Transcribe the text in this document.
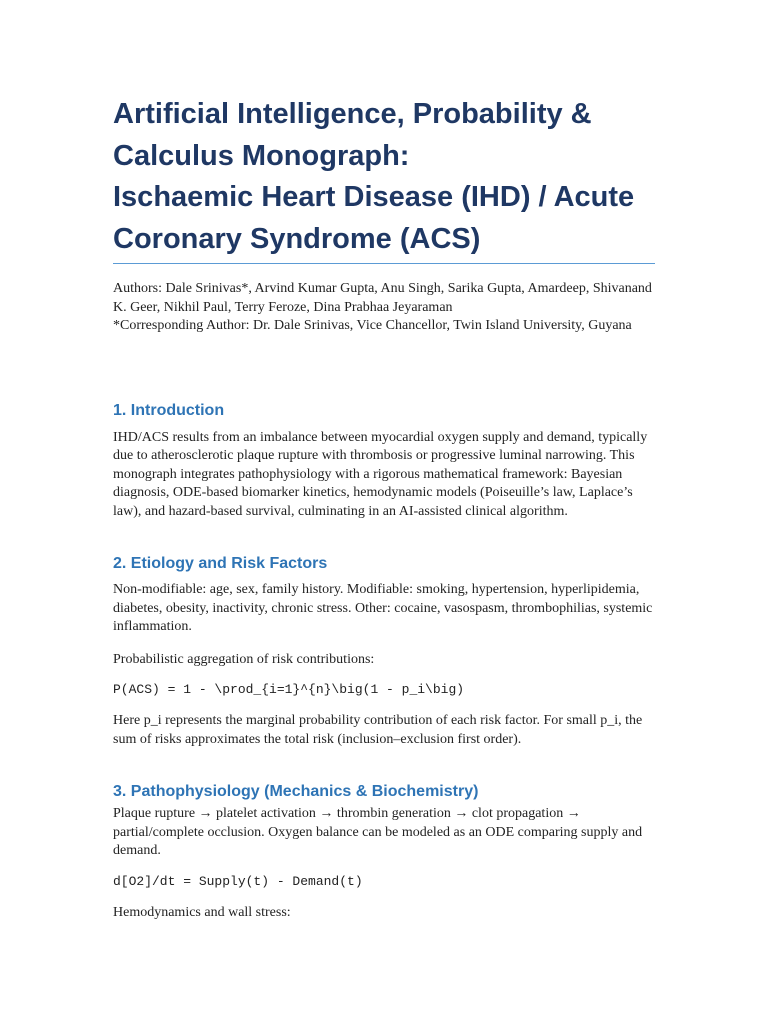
Artificial Intelligence, Probability &
Calculus Monograph:
Ischaemic Heart Disease (IHD) / Acute
Coronary Syndrome (ACS)

Authors: Dale Srinivas*, Arvind Kumar Gupta, Anu Singh, Sarika Gupta, Amardeep, Shivanand K. Geer, Nikhil Paul, Terry Feroze, Dina Prabhaa Jeyaraman

*Corresponding Author: Dr. Dale Srinivas, Vice Chancellor, Twin Island University, Guyana

1. Introduction

IHD/ACS results from an imbalance between myocardial oxygen supply and demand, typically due to atherosclerotic plaque rupture with thrombosis or progressive luminal narrowing. This monograph integrates pathophysiology with a rigorous mathematical framework: Bayesian diagnosis, ODE-based biomarker kinetics, hemodynamic models (Poiseuille’s law, Laplace’s law), and hazard-based survival, culminating in an AI-assisted clinical algorithm.

2. Etiology and Risk Factors

Non-modifiable: age, sex, family history. Modifiable: smoking, hypertension, hyperlipidemia, diabetes, obesity, inactivity, chronic stress. Other: cocaine, vasospasm, thrombophilias, systemic inflammation.

Probabilistic aggregation of risk contributions:

P(ACS) = 1 - \prod_{i=1}^{n}\big(1 - p_i\big)

Here p_i represents the marginal probability contribution of each risk factor. For small p_i, the sum of risks approximates the total risk (inclusion–exclusion first order).

3. Pathophysiology (Mechanics & Biochemistry)

Plaque rupture → platelet activation → thrombin generation → clot propagation → partial/complete occlusion. Oxygen balance can be modeled as an ODE comparing supply and demand.

d[O2]/dt = Supply(t) - Demand(t)

Hemodynamics and wall stress:
